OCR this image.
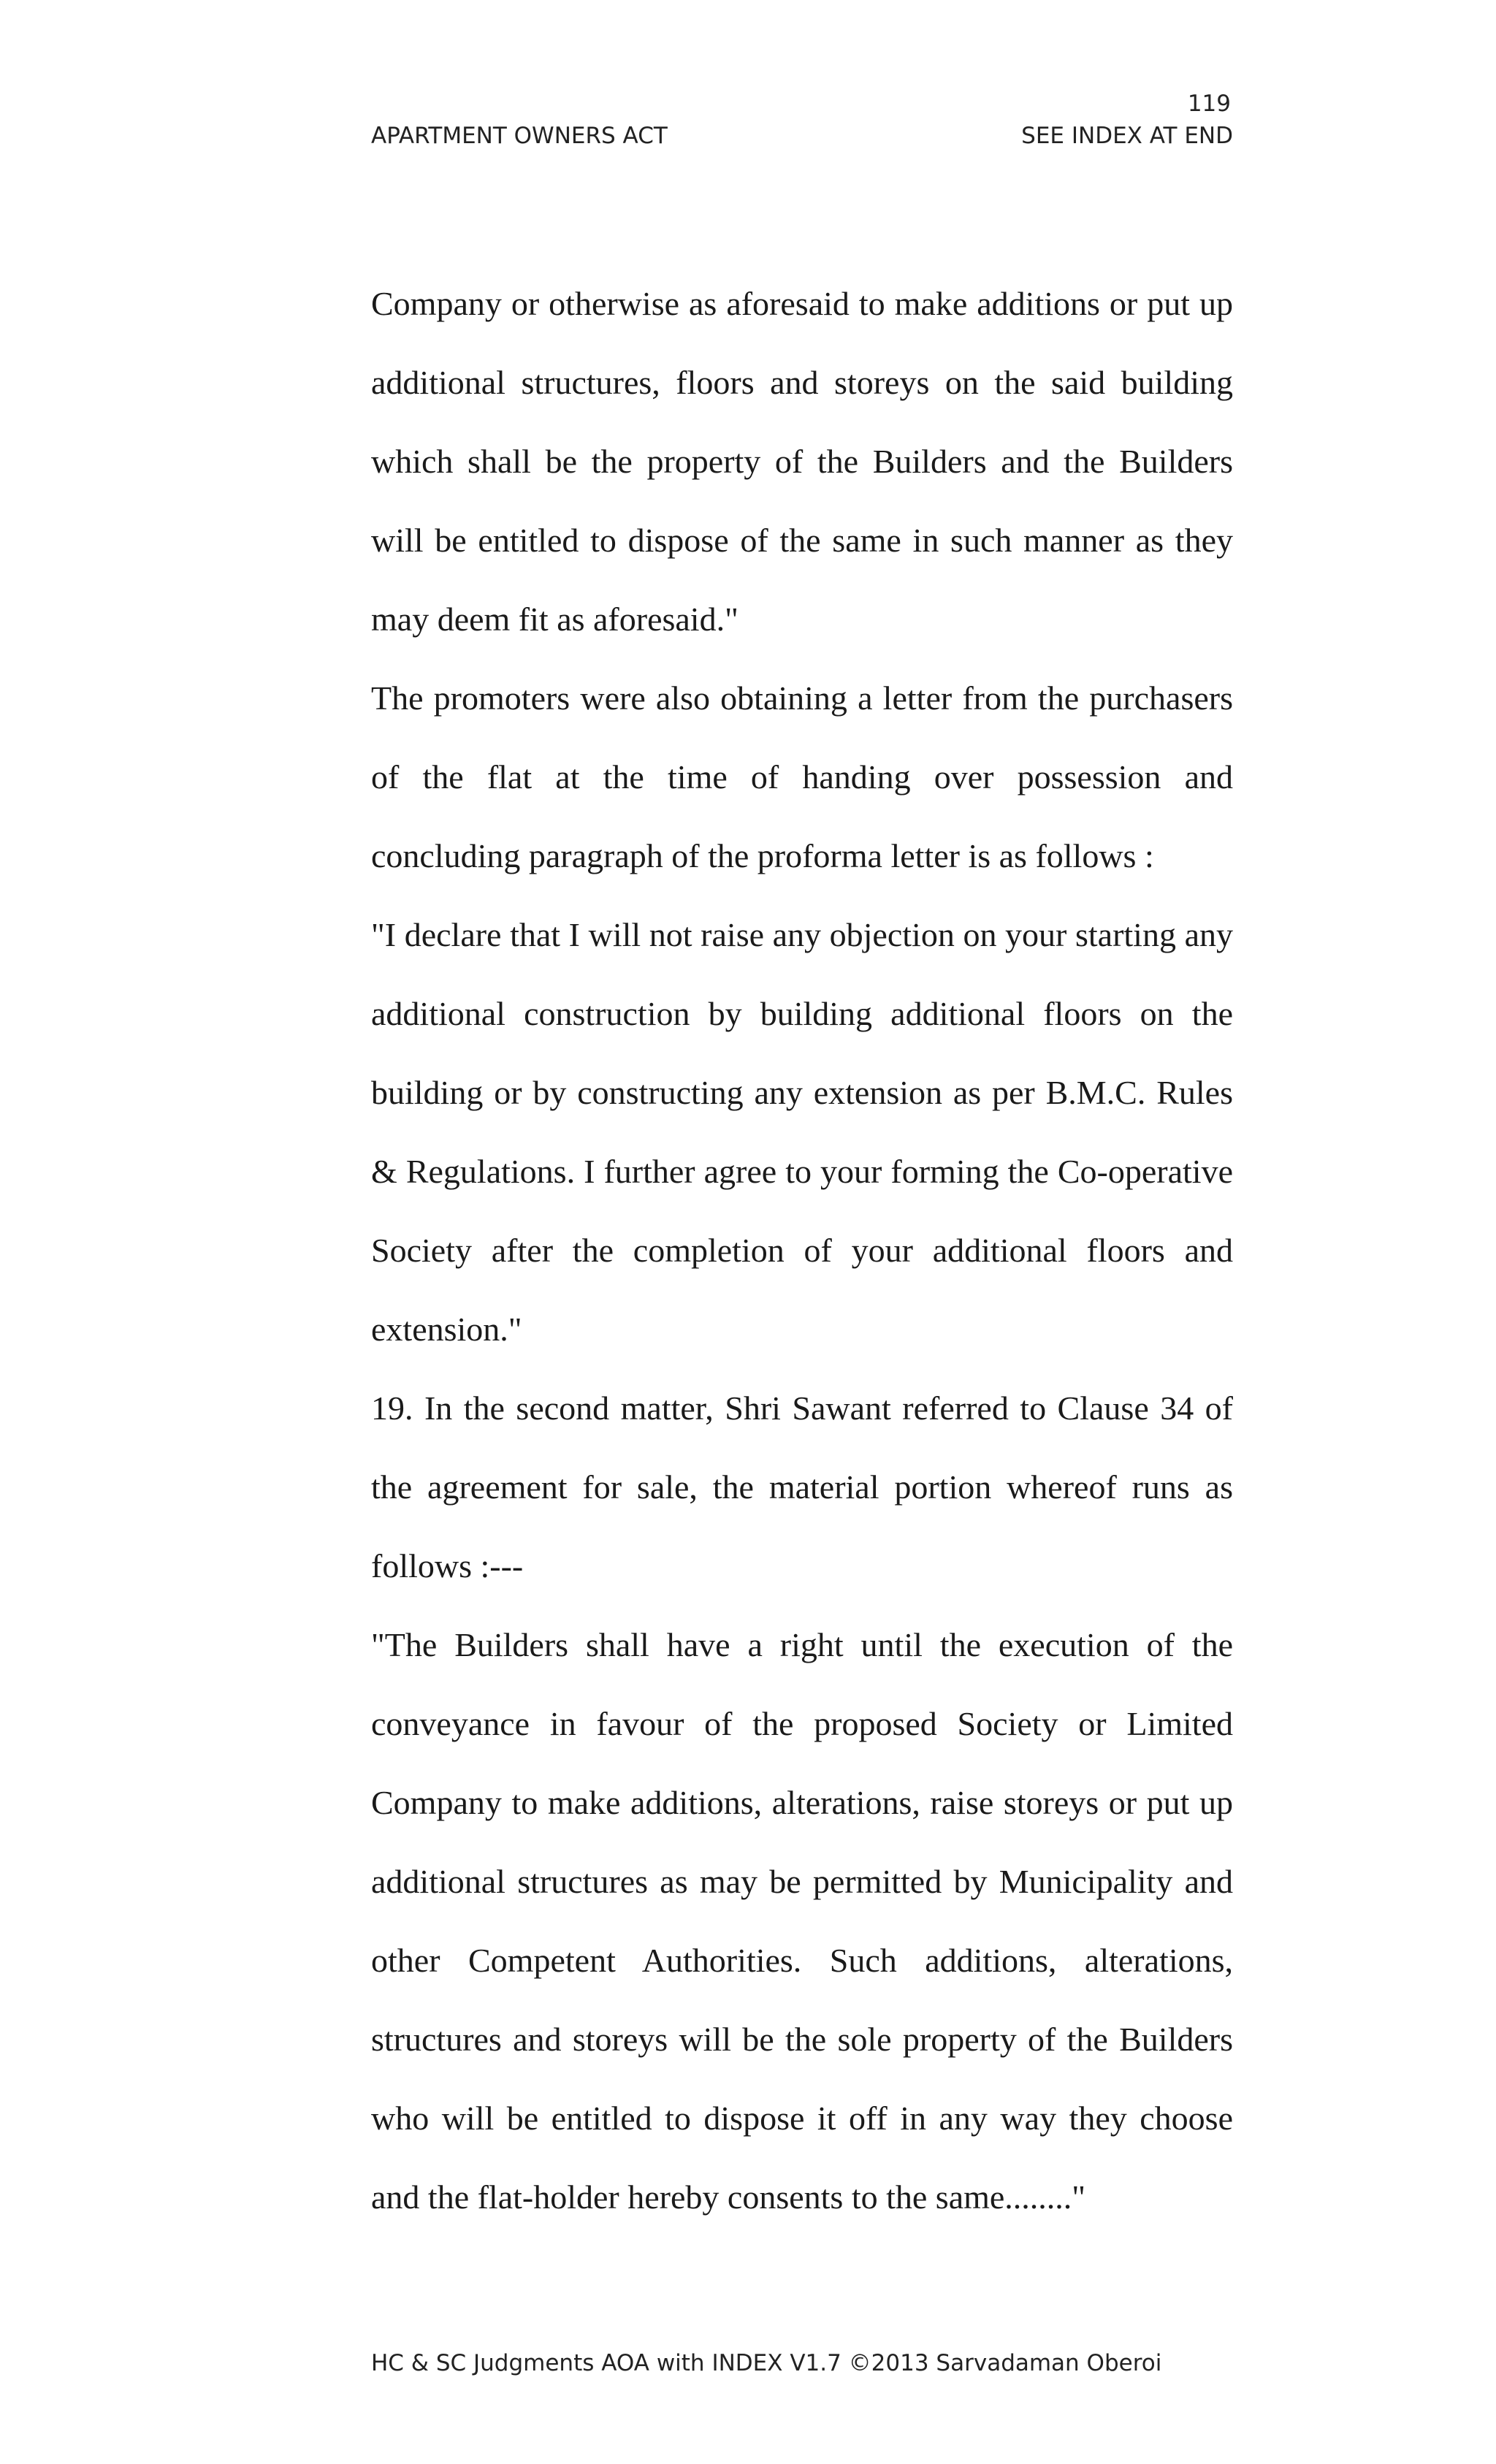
119
APARTMENT OWNERS ACT	SEE INDEX AT END

Company or otherwise as aforesaid to make additions or put up additional structures, floors and storeys on the said building which shall be the property of the Builders and the Builders will be entitled to dispose of the same in such manner as they may deem fit as aforesaid."

The promoters were also obtaining a letter from the purchasers of the flat at the time of handing over possession and concluding paragraph of the proforma letter is as follows :

"I declare that I will not raise any objection on your starting any additional construction by building additional floors on the building or by constructing any extension as per B.M.C. Rules & Regulations. I further agree to your forming the Co-operative Society after the completion of your additional floors and extension."

19. In the second matter, Shri Sawant referred to Clause 34 of the agreement for sale, the material portion whereof runs as follows :---

"The Builders shall have a right until the execution of the conveyance in favour of the proposed Society or Limited Company to make additions, alterations, raise storeys or put up additional structures as may be permitted by Municipality and other Competent Authorities. Such additions, alterations, structures and storeys will be the sole property of the Builders who will be entitled to dispose it off in any way they choose and the flat-holder hereby consents to the same........"

HC & SC Judgments AOA with INDEX V1.7 ©2013 Sarvadaman Oberoi
